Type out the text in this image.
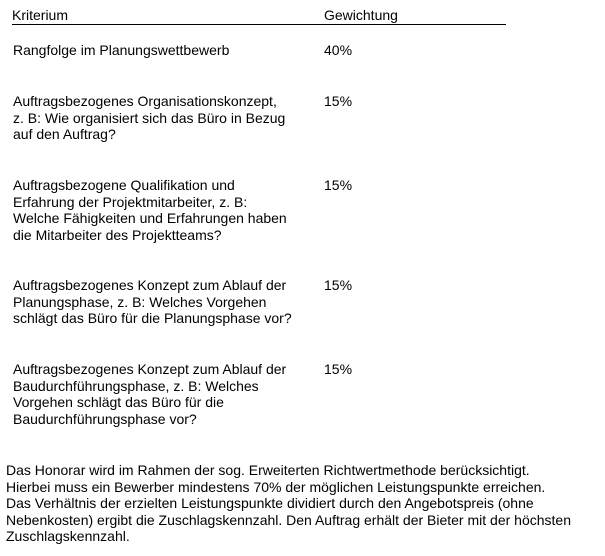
Kriterium	Gewichtung
Rangfolge im Planungswettbewerb	40%
Auftragsbezogenes Organisationskonzept,
z. B: Wie organisiert sich das Büro in Bezug
auf den Auftrag?
15%
Auftragsbezogene Qualifikation und
Erfahrung der Projektmitarbeiter, z. B:
Welche Fähigkeiten und Erfahrungen haben
die Mitarbeiter des Projektteams?
15%
Auftragsbezogenes Konzept zum Ablauf der
Planungsphase, z. B: Welches Vorgehen
schlägt das Büro für die Planungsphase vor?
15%
Auftragsbezogenes Konzept zum Ablauf der
Baudurchführungsphase, z. B: Welches
Vorgehen schlägt das Büro für die
Baudurchführungsphase vor?
15%
Das Honorar wird im Rahmen der sog. Erweiterten Richtwertmethode berücksichtigt.
Hierbei muss ein Bewerber mindestens 70% der möglichen Leistungspunkte erreichen.
Das Verhältnis der erzielten Leistungspunkte dividiert durch den Angebotspreis (ohne
Nebenkosten) ergibt die Zuschlagskennzahl. Den Auftrag erhält der Bieter mit der höchsten
Zuschlagskennzahl.
